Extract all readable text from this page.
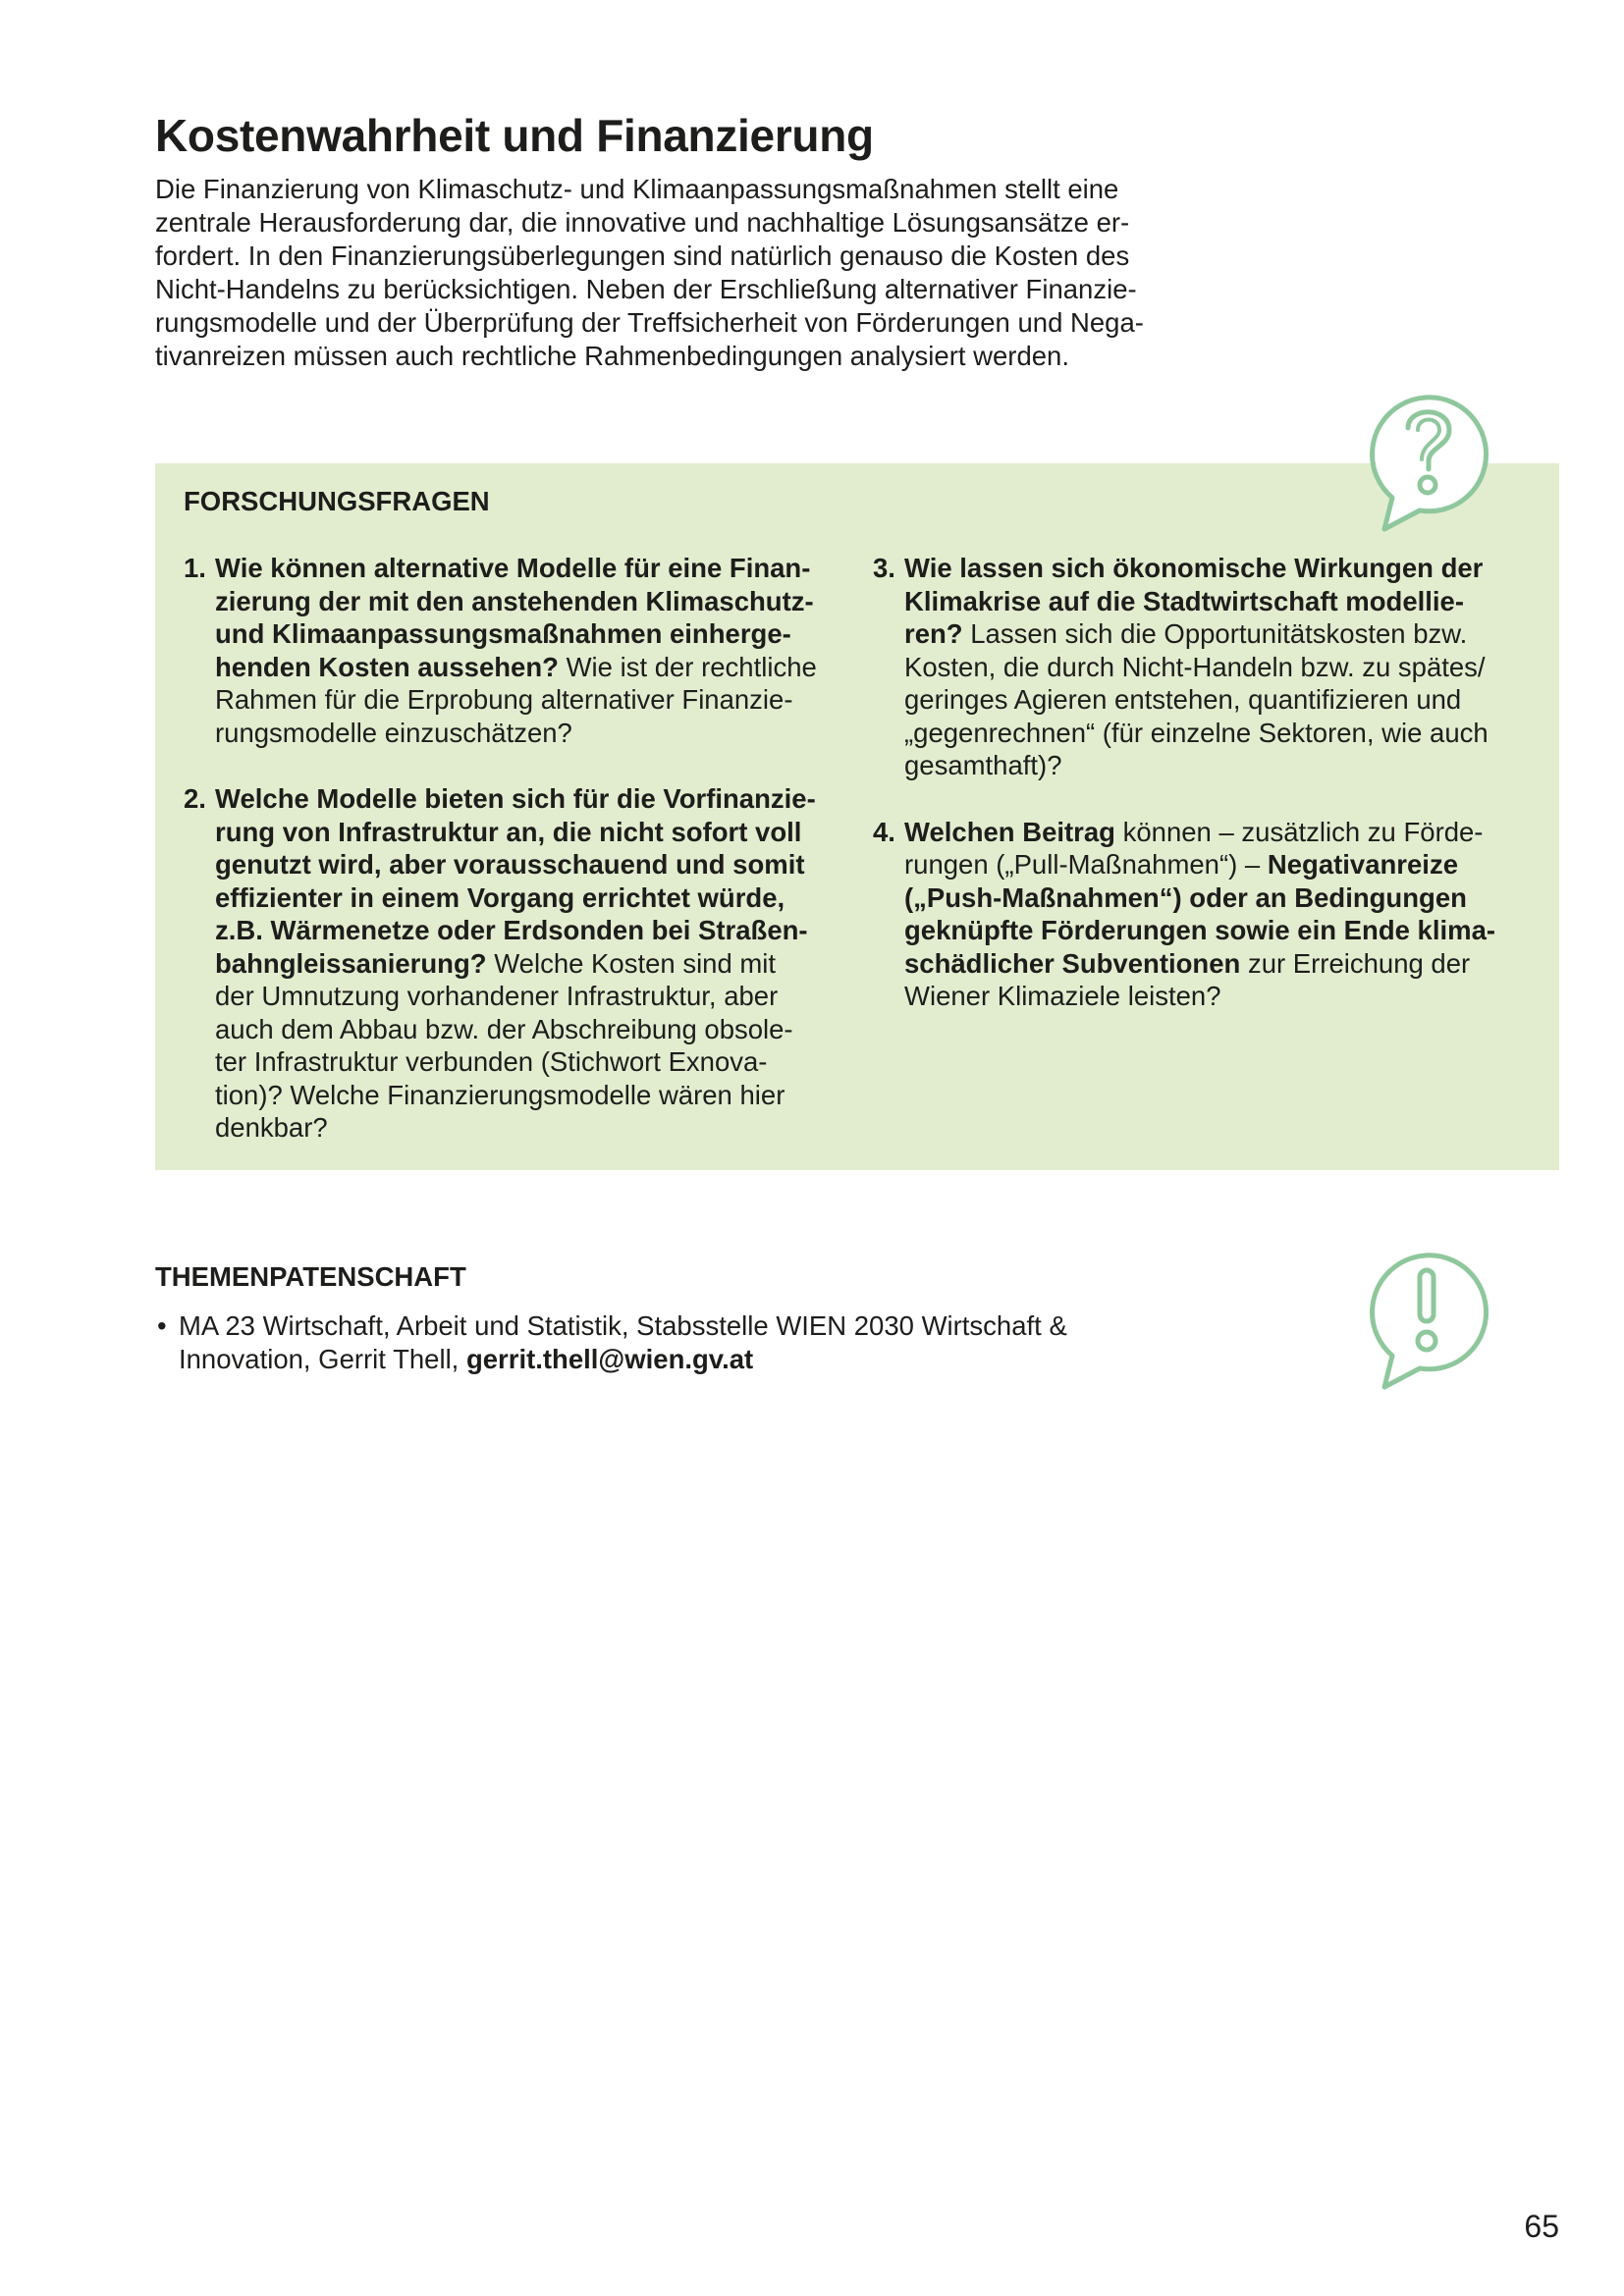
Kostenwahrheit und Finanzierung
Die Finanzierung von Klimaschutz- und Klimaanpassungsmaßnahmen stellt eine
zentrale Herausforderung dar, die innovative und nachhaltige Lösungsansätze er-
fordert. In den Finanzierungsüberlegungen sind natürlich genauso die Kosten des
Nicht-Handelns zu berücksichtigen. Neben der Erschließung alternativer Finanzie-
rungsmodelle und der Überprüfung der Treffsicherheit von Förderungen und Nega-
tivanreizen müssen auch rechtliche Rahmenbedingungen analysiert werden.
FORSCHUNGSFRAGEN
1. Wie können alternative Modelle für eine Finan-
zierung der mit den anstehenden Klimaschutz-
und Klimaanpassungsmaßnahmen einherge-
henden Kosten aussehen? Wie ist der rechtliche
Rahmen für die Erprobung alternativer Finanzie-
rungsmodelle einzuschätzen?
2. Welche Modelle bieten sich für die Vorfinanzie-
rung von Infrastruktur an, die nicht sofort voll
genutzt wird, aber vorausschauend und somit
effizienter in einem Vorgang errichtet würde,
z.B. Wärmenetze oder Erdsonden bei Straßen-
bahngleissanierung? Welche Kosten sind mit
der Umnutzung vorhandener Infrastruktur, aber
auch dem Abbau bzw. der Abschreibung obsole-
ter Infrastruktur verbunden (Stichwort Exnova-
tion)? Welche Finanzierungsmodelle wären hier
denkbar?
3. Wie lassen sich ökonomische Wirkungen der
Klimakrise auf die Stadtwirtschaft modellie-
ren? Lassen sich die Opportunitätskosten bzw.
Kosten, die durch Nicht-Handeln bzw. zu spätes/
geringes Agieren entstehen, quantifizieren und
„gegenrechnen“ (für einzelne Sektoren, wie auch
gesamthaft)?
4. Welchen Beitrag können – zusätzlich zu Förde-
rungen („Pull-Maßnahmen“) – Negativanreize
(„Push-Maßnahmen“) oder an Bedingungen
geknüpfte Förderungen sowie ein Ende klima-
schädlicher Subventionen zur Erreichung der
Wiener Klimaziele leisten?
THEMENPATENSCHAFT
• MA 23 Wirtschaft, Arbeit und Statistik, Stabsstelle WIEN 2030 Wirtschaft &
Innovation, Gerrit Thell, gerrit.thell@wien.gv.at
65
